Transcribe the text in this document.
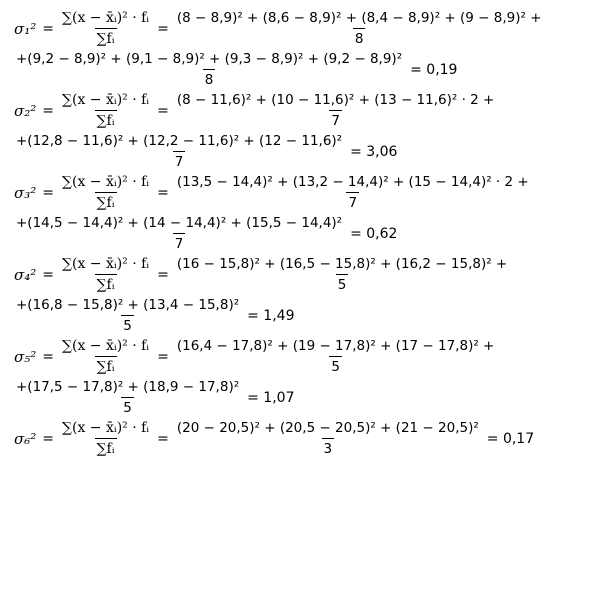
$\sigma_1^2 = \frac{\text{∑(x − x̄ᵢ)² · fᵢ}}{\text{∑fᵢ}} = \frac{\text{(8 − 8,9)² + (8,6 − 8,9)² + (8,4 − 8,9)² + (9 − 8,9)² +}}{8}$
$\frac{\text{+(9,2 − 8,9)² + (9,1 − 8,9)² + (9,3 − 8,9)² + (9,2 − 8,9)²}}{8} = 0,19$
$\sigma_2^2 = \frac{\text{∑(x − x̄ᵢ)² · fᵢ}}{\text{∑fᵢ}} = \frac{\text{(8 − 11,6)² + (10 − 11,6)² + (13 − 11,6)² · 2 +}}{7}$
$\frac{\text{+(12,8 − 11,6)² + (12,2 − 11,6)² + (12 − 11,6)²}}{7} = 3,06$
$\sigma_3^2 = \frac{\text{∑(x − x̄ᵢ)² · fᵢ}}{\text{∑fᵢ}} = \frac{\text{(13,5 − 14,4)² + (13,2 − 14,4)² + (15 − 14,4)² · 2 +}}{7}$
$\frac{\text{+(14,5 − 14,4)² + (14 − 14,4)² + (15,5 − 14,4)²}}{7} = 0,62$
$\sigma_4^2 = \frac{\text{∑(x − x̄ᵢ)² · fᵢ}}{\text{∑fᵢ}} = \frac{\text{(16 − 15,8)² + (16,5 − 15,8)² + (16,2 − 15,8)² +}}{5}$
$\frac{\text{+(16,8 − 15,8)² + (13,4 − 15,8)²}}{5} = 1,49$
$\sigma_5^2 = \frac{\text{∑(x − x̄ᵢ)² · fᵢ}}{\text{∑fᵢ}} = \frac{\text{(16,4 − 17,8)² + (19 − 17,8)² + (17 − 17,8)² +}}{5}$
$\frac{\text{+(17,5 − 17,8)² + (18,9 − 17,8)²}}{5} = 1,07$
$\sigma_6^2 = \frac{\text{∑(x − x̄ᵢ)² · fᵢ}}{\text{∑fᵢ}} = \frac{\text{(20 − 20,5)² + (20,5 − 20,5)² + (21 − 20,5)²}}{3} = 0,17$
